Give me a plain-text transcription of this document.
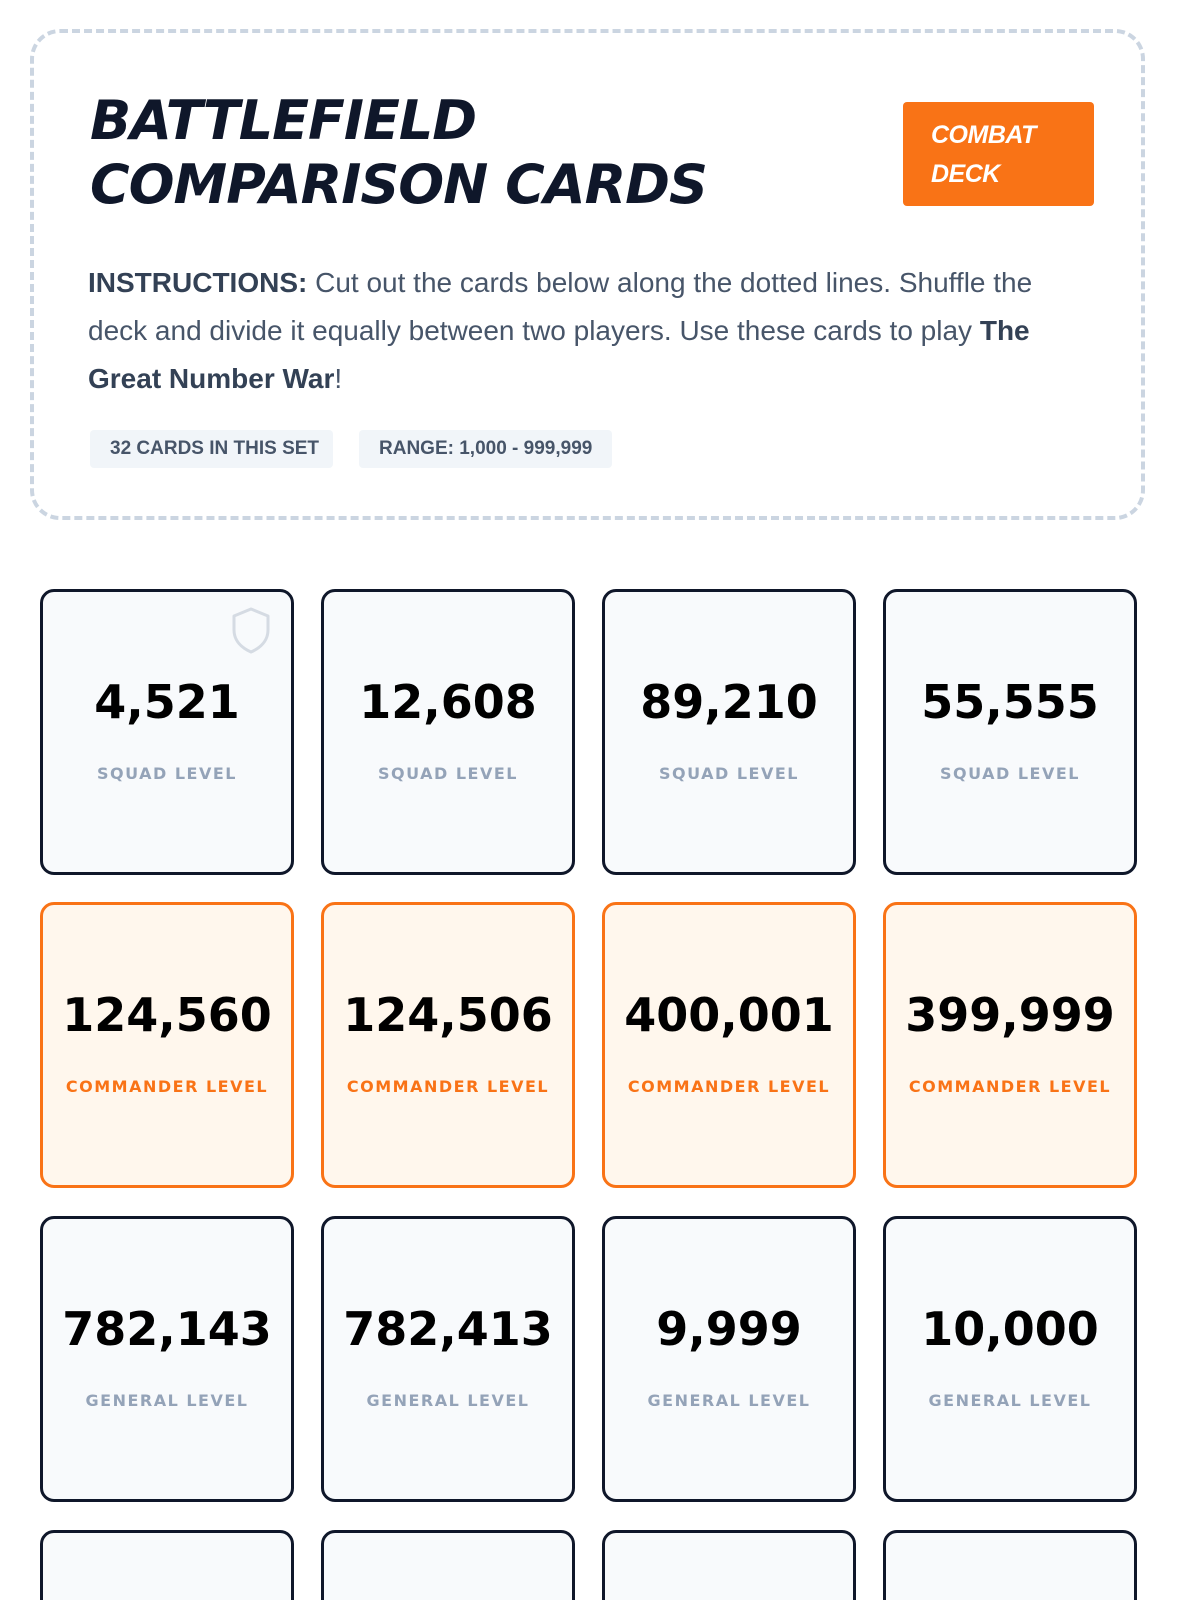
BATTLEFIELD COMPARISON CARDS
COMBAT DECK

INSTRUCTIONS: Cut out the cards below along the dotted lines. Shuffle the deck and divide it equally between two players. Use these cards to play The Great Number War!

32 CARDS IN THIS SET	RANGE: 1,000 - 999,999
4,521
SQUAD LEVEL
12,608
SQUAD LEVEL
89,210
SQUAD LEVEL
55,555
SQUAD LEVEL
124,560
COMMANDER LEVEL
124,506
COMMANDER LEVEL
400,001
COMMANDER LEVEL
399,999
COMMANDER LEVEL
782,143
GENERAL LEVEL
782,413
GENERAL LEVEL
9,999
GENERAL LEVEL
10,000
GENERAL LEVEL
